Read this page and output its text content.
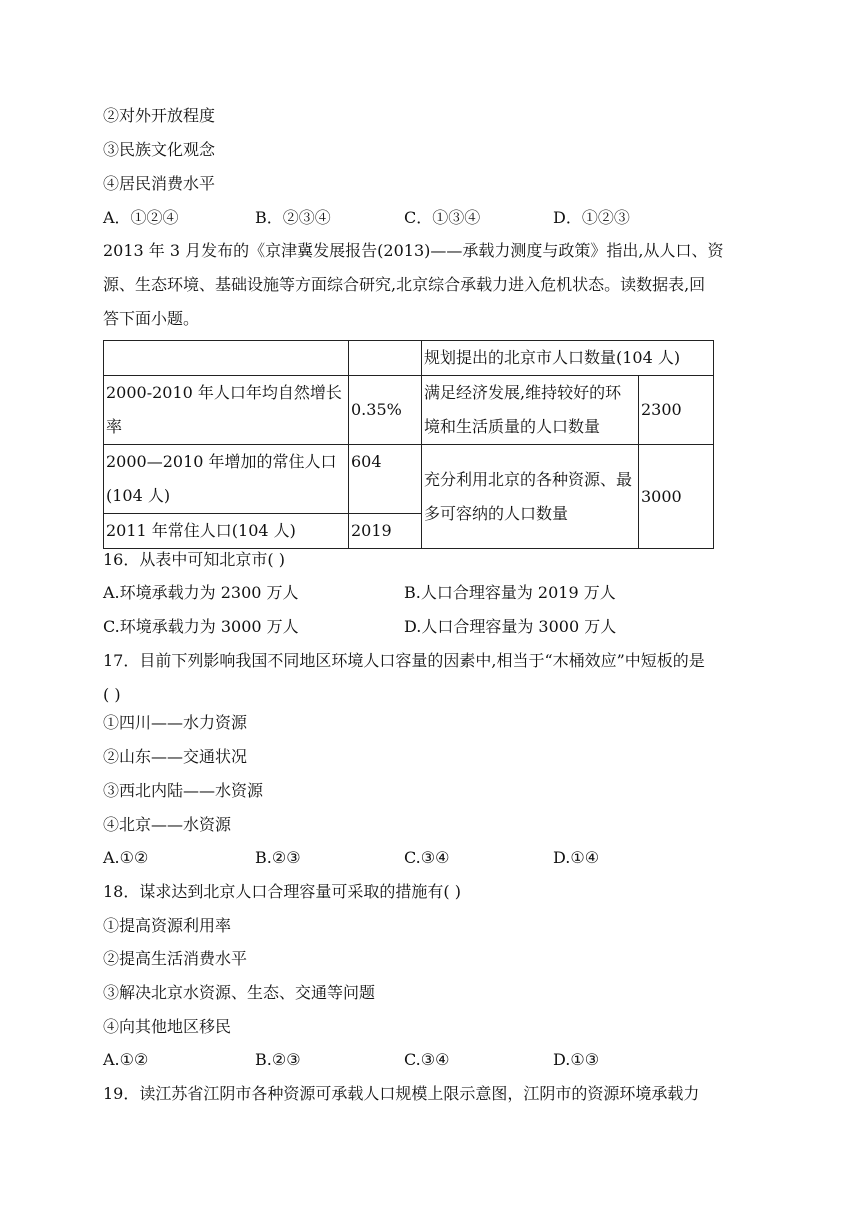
②对外开放程度
③民族文化观念
④居民消费水平
A．①②④	B．②③④	C．①③④	D．①②③
2013 年 3 月发布的《京津冀发展报告(2013)——承载力测度与政策》指出,从人口、资
源、生态环境、基础设施等方面综合研究,北京综合承载力进入危机状态。读数据表,回
答下面小题。
		规划提出的北京市人口数量(104 人)	
2000-2010 年人口年均自然增长率	0.35%	满足经济发展,维持较好的环境和生活质量的人口数量	2300
2000—2010 年增加的常住人口(104 人)	604	充分利用北京的各种资源、最多可容纳的人口数量	3000
2011 年常住人口(104 人)	2019		
16．从表中可知北京市( )
A.环境承载力为 2300 万人	B.人口合理容量为 2019 万人
C.环境承载力为 3000 万人	D.人口合理容量为 3000 万人
17．目前下列影响我国不同地区环境人口容量的因素中,相当于“木桶效应”中短板的是
( )
①四川——水力资源
②山东——交通状况
③西北内陆——水资源
④北京——水资源
A.①②	B.②③	C.③④	D.①④
18．谋求达到北京人口合理容量可采取的措施有( )
①提高资源利用率
②提高生活消费水平
③解决北京水资源、生态、交通等问题
④向其他地区移民
A.①②	B.②③	C.③④	D.①③
19．读江苏省江阴市各种资源可承载人口规模上限示意图，江阴市的资源环境承载力
